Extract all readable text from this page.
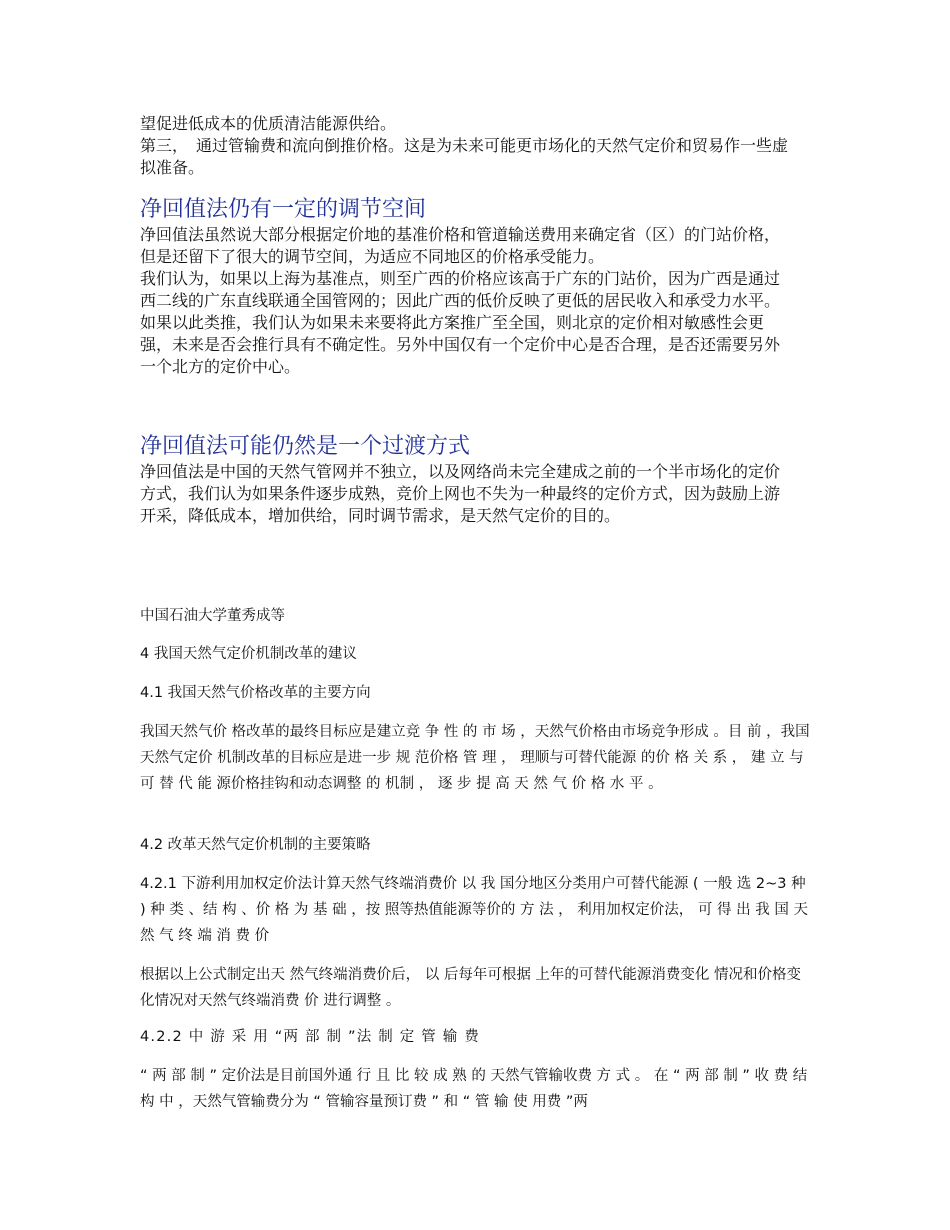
望促进低成本的优质清洁能源供给。

第三，　通过管输费和流向倒推价格。这是为未来可能更市场化的天然气定价和贸易作一些虚拟准备。

净回值法仍有一定的调节空间

净回值法虽然说大部分根据定价地的基准价格和管道输送费用来确定省（区）的门站价格，但是还留下了很大的调节空间，为适应不同地区的价格承受能力。

我们认为，如果以上海为基准点，则至广西的价格应该高于广东的门站价，因为广西是通过西二线的广东直线联通全国管网的；因此广西的低价反映了更低的居民收入和承受力水平。

如果以此类推，我们认为如果未来要将此方案推广至全国，则北京的定价相对敏感性会更强，未来是否会推行具有不确定性。另外中国仅有一个定价中心是否合理，是否还需要另外一个北方的定价中心。

净回值法可能仍然是一个过渡方式

净回值法是中国的天然气管网并不独立，以及网络尚未完全建成之前的一个半市场化的定价方式，我们认为如果条件逐步成熟，竞价上网也不失为一种最终的定价方式，因为鼓励上游开采，降低成本，增加供给，同时调节需求，是天然气定价的目的。

中国石油大学董秀成等
4 我国天然气定价机制改革的建议
4.1 我国天然气价格改革的主要方向
我国天然气价 格改革的最终目标应是建立竞 争 性 的 市 场 ，天然气价格由市场竞争形成 。目 前 ，我国天然气定价 机制改革的目标应是进一步 规 范价格 管 理 ， 理顺与可替代能源 的价 格 关 系 ， 建 立 与 可 替 代 能 源价格挂钩和动态调整 的 机制 ， 逐 步 提 高 天 然 气 价 格 水 平 。
4.2 改革天然气定价机制的主要策略
4.2.1 下游利用加权定价法计算天然气终端消费价 以 我 国分地区分类用户可替代能源 ( 一般 选 2~3 种 ) 种 类 、结 构 、价 格 为 基 础 ，按 照等热值能源等价的 方 法 ， 利用加权定价法， 可 得 出 我 国 天 然 气 终 端 消 费 价
根据以上公式制定出天 然气终端消费价后， 以 后每年可根据 上年的可替代能源消费变化 情况和价格变化情况对天然气终端消费 价 进行调整 。
4.2.2 中 游 采 用 “两 部 制 ”法 制 定 管 输 费
“ 两 部 制 ” 定价法是目前国外通 行 且 比 较 成 熟 的 天然气管输收费 方 式 。 在 “ 两 部 制 ” 收 费 结 构 中 ，天然气管输费分为 “ 管输容量预订费 ” 和 “ 管 输 使 用费 ”两
